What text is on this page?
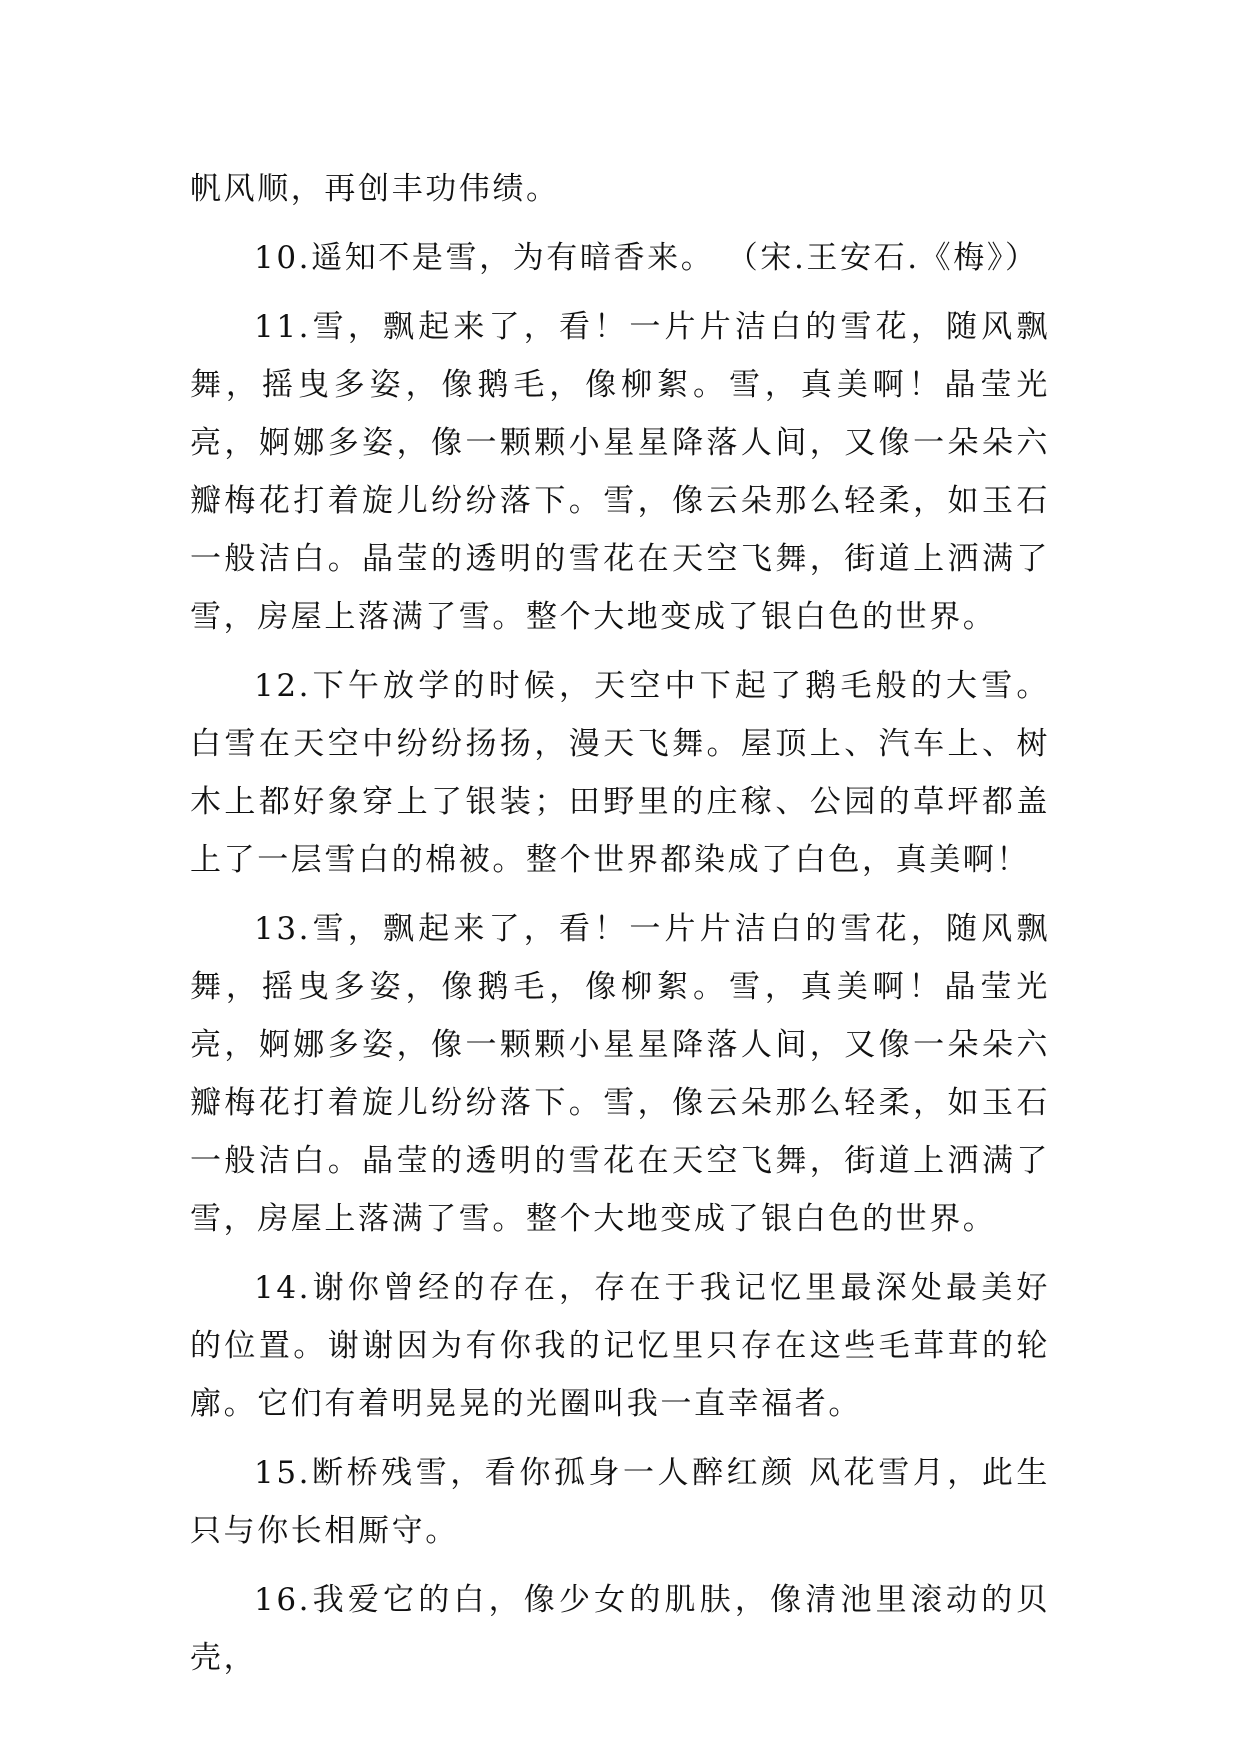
帆风顺，再创丰功伟绩。

10.遥知不是雪，为有暗香来。 （宋.王安石.《梅》）

11.雪，飘起来了，看！一片片洁白的雪花，随风飘舞，摇曳多姿，像鹅毛，像柳絮。雪，真美啊！晶莹光亮，婀娜多姿，像一颗颗小星星降落人间，又像一朵朵六瓣梅花打着旋儿纷纷落下。雪，像云朵那么轻柔，如玉石一般洁白。晶莹的透明的雪花在天空飞舞，街道上洒满了雪，房屋上落满了雪。整个大地变成了银白色的世界。

12.下午放学的时候，天空中下起了鹅毛般的大雪。白雪在天空中纷纷扬扬，漫天飞舞。屋顶上、汽车上、树木上都好象穿上了银装；田野里的庄稼、公园的草坪都盖上了一层雪白的棉被。整个世界都染成了白色，真美啊！

13.雪，飘起来了，看！一片片洁白的雪花，随风飘舞，摇曳多姿，像鹅毛，像柳絮。雪，真美啊！晶莹光亮，婀娜多姿，像一颗颗小星星降落人间，又像一朵朵六瓣梅花打着旋儿纷纷落下。雪，像云朵那么轻柔，如玉石一般洁白。晶莹的透明的雪花在天空飞舞，街道上洒满了雪，房屋上落满了雪。整个大地变成了银白色的世界。

14.谢你曾经的存在，存在于我记忆里最深处最美好的位置。谢谢因为有你我的记忆里只存在这些毛茸茸的轮廓。它们有着明晃晃的光圈叫我一直幸福者。

15.断桥残雪，看你孤身一人醉红颜 风花雪月，此生只与你长相厮守。

16.我爱它的白，像少女的肌肤，像清池里滚动的贝壳，
